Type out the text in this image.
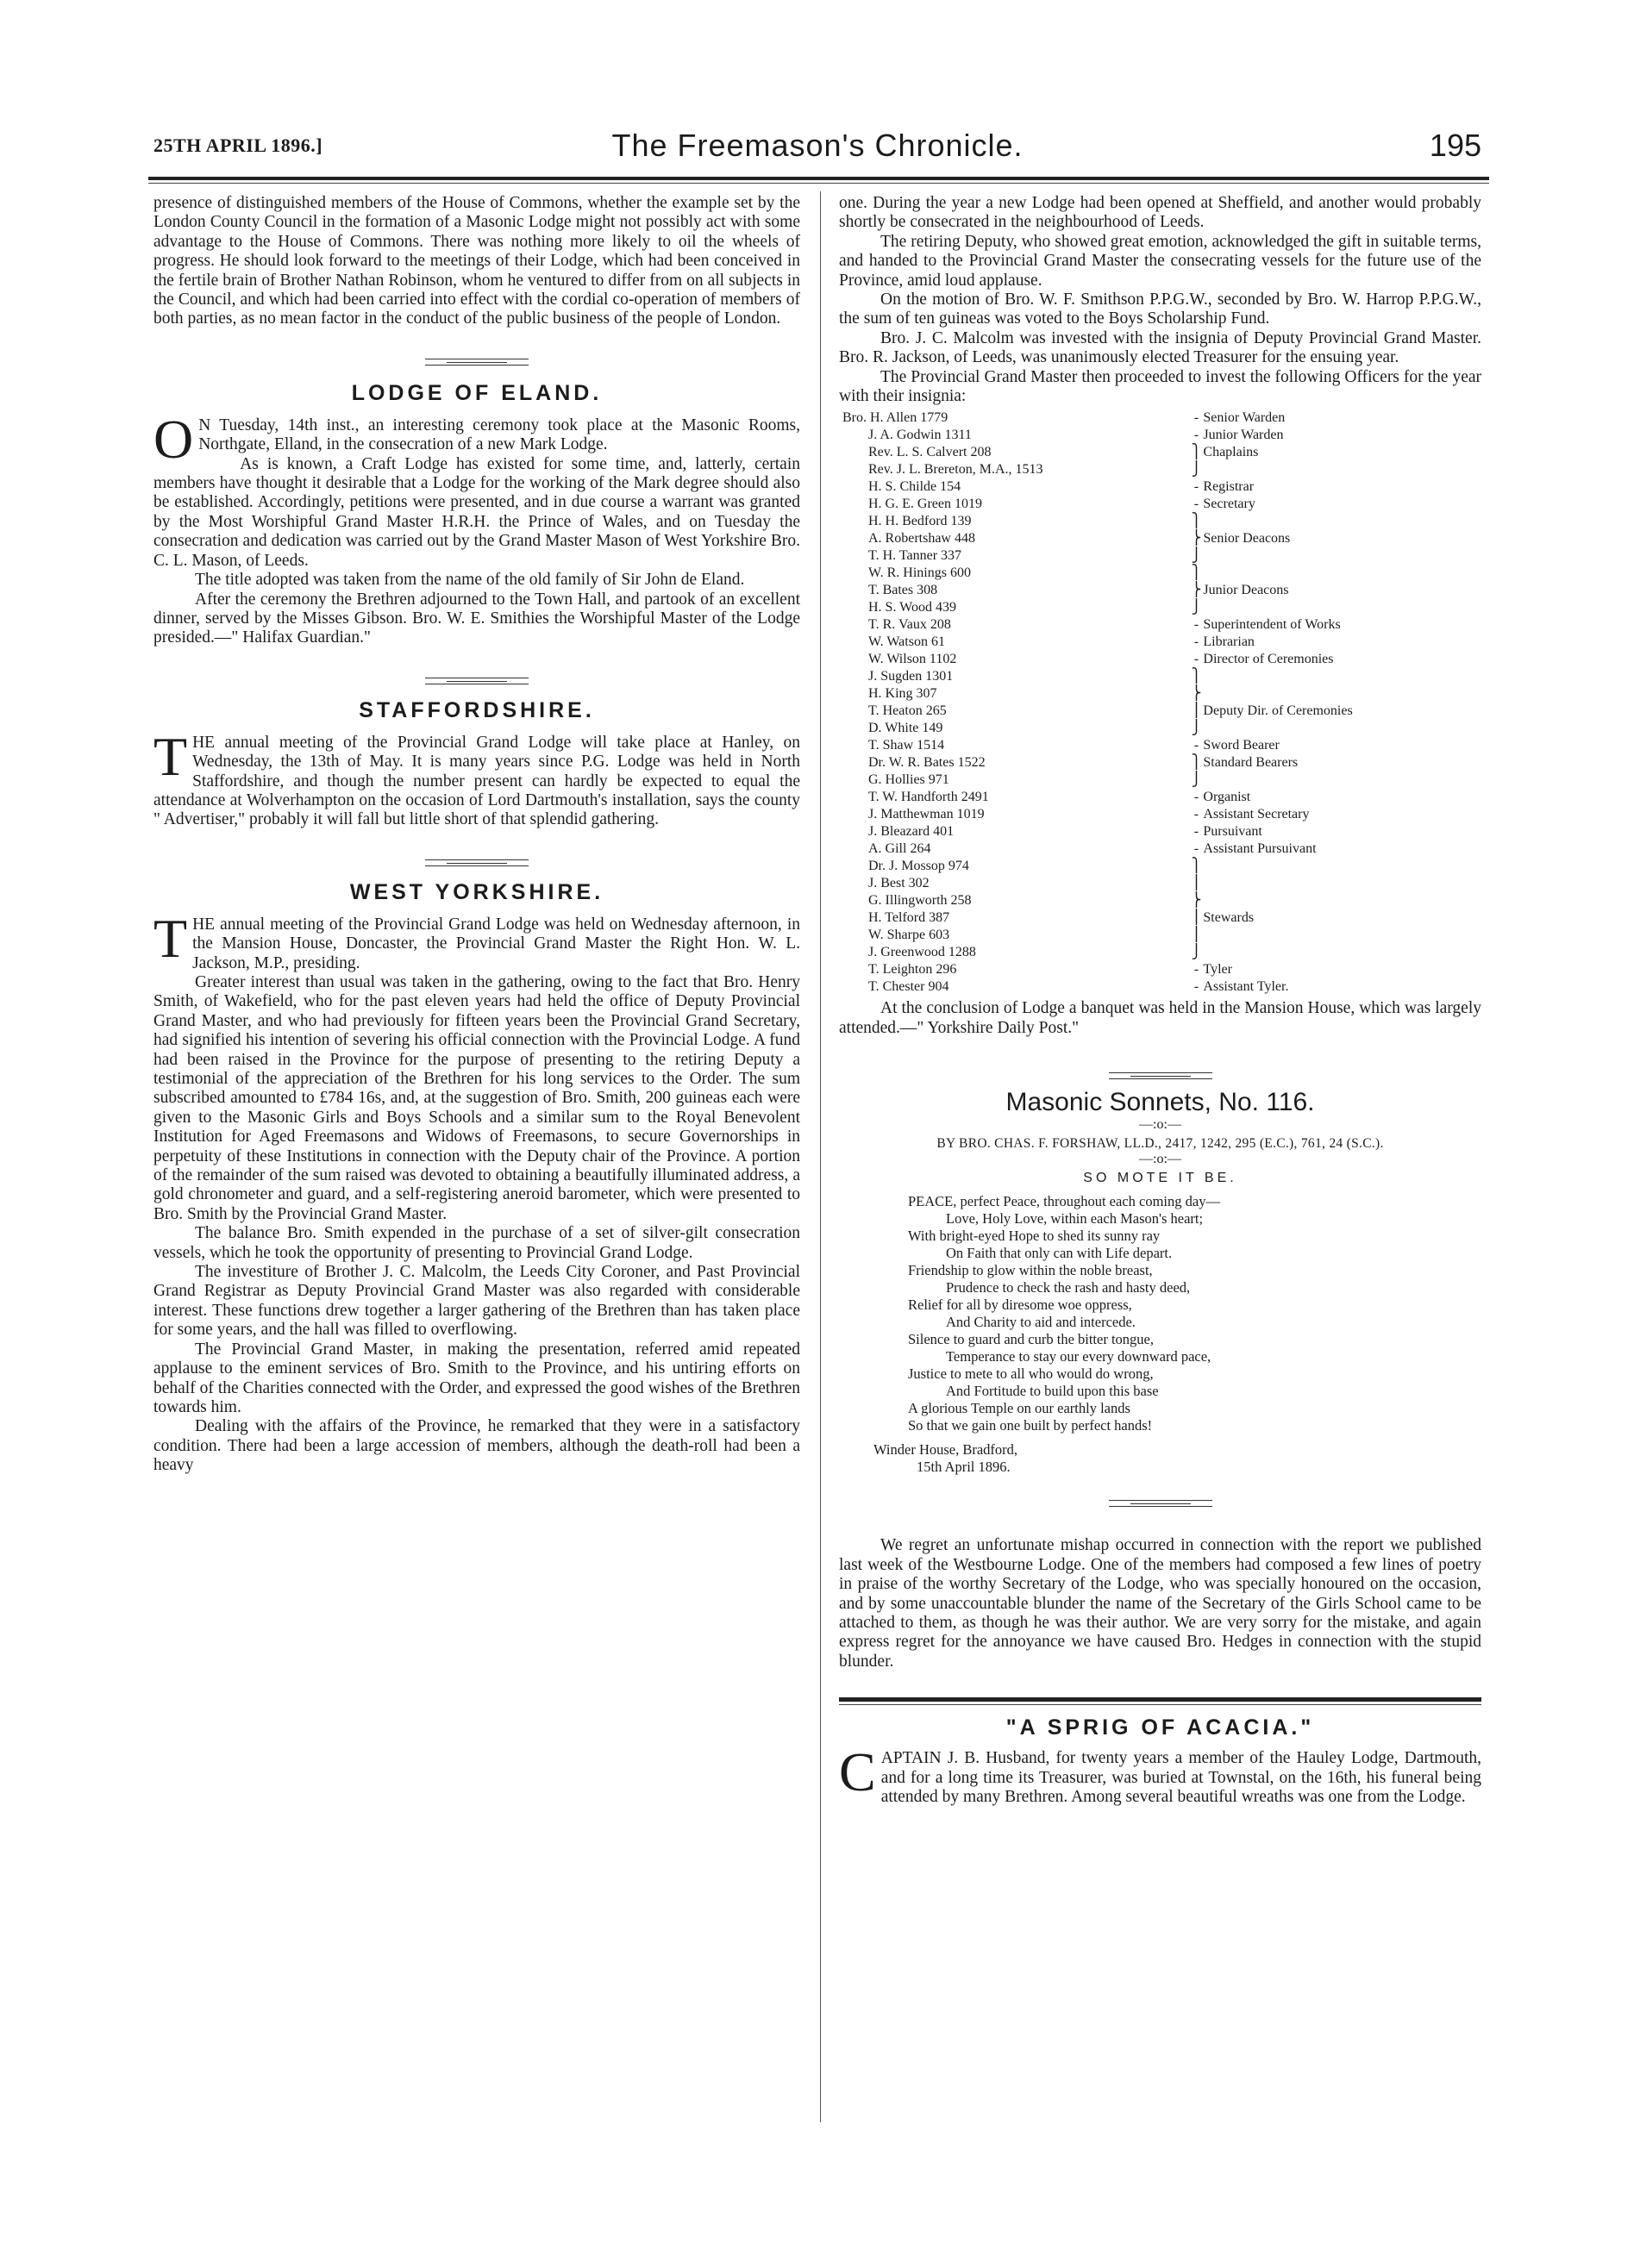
25TH APRIL 1896.]	The Freemason's Chronicle.	195

presence of distinguished members of the House of Commons, whether the example set by the London County Council in the formation of a Masonic Lodge might not possibly act with some advantage to the House of Commons. There was nothing more likely to oil the wheels of progress. He should look forward to the meetings of their Lodge, which had been conceived in the fertile brain of Brother Nathan Robinson, whom he ventured to differ from on all subjects in the Council, and which had been carried into effect with the cordial co-operation of members of both parties, as no mean factor in the conduct of the public business of the people of London.

LODGE OF ELAND.

O N Tuesday, 14th inst., an interesting ceremony took place at the Masonic Rooms, Northgate, Elland, in the consecration of a new Mark Lodge.

As is known, a Craft Lodge has existed for some time, and, latterly, certain members have thought it desirable that a Lodge for the working of the Mark degree should also be established. Accordingly, petitions were presented, and in due course a warrant was granted by the Most Worshipful Grand Master H.R.H. the Prince of Wales, and on Tuesday the consecration and dedication was carried out by the Grand Master Mason of West Yorkshire Bro. C. L. Mason, of Leeds.

The title adopted was taken from the name of the old family of Sir John de Eland.

After the ceremony the Brethren adjourned to the Town Hall, and partook of an excellent dinner, served by the Misses Gibson. Bro. W. E. Smithies the Worshipful Master of the Lodge presided.—" Halifax Guardian."

STAFFORDSHIRE.

THE annual meeting of the Provincial Grand Lodge will take place at Hanley, on Wednesday, the 13th of May. It is many years since P.G. Lodge was held in North Staffordshire, and though the number present can hardly be expected to equal the attendance at Wolverhampton on the occasion of Lord Dartmouth's installation, says the county " Advertiser," probably it will fall but little short of that splendid gathering.

WEST YORKSHIRE.

THE annual meeting of the Provincial Grand Lodge was held on Wednesday afternoon, in the Mansion House, Doncaster, the Provincial Grand Master the Right Hon. W. L. Jackson, M.P., presiding.

Greater interest than usual was taken in the gathering, owing to the fact that Bro. Henry Smith, of Wakefield, who for the past eleven years had held the office of Deputy Provincial Grand Master, and who had previously for fifteen years been the Provincial Grand Secretary, had signified his intention of severing his official connection with the Provincial Lodge. A fund had been raised in the Province for the purpose of presenting to the retiring Deputy a testimonial of the appreciation of the Brethren for his long services to the Order. The sum subscribed amounted to £784 16s, and, at the suggestion of Bro. Smith, 200 guineas each were given to the Masonic Girls and Boys Schools and a similar sum to the Royal Benevolent Institution for Aged Freemasons and Widows of Freemasons, to secure Governorships in perpetuity of these Institutions in connection with the Deputy chair of the Province. A portion of the remainder of the sum raised was devoted to obtaining a beautifully illuminated address, a gold chronometer and guard, and a self-registering aneroid barometer, which were presented to Bro. Smith by the Provincial Grand Master.

The balance Bro. Smith expended in the purchase of a set of silver-gilt consecration vessels, which he took the opportunity of presenting to Provincial Grand Lodge.

The investiture of Brother J. C. Malcolm, the Leeds City Coroner, and Past Provincial Grand Registrar as Deputy Provincial Grand Master was also regarded with considerable interest. These functions drew together a larger gathering of the Brethren than has taken place for some years, and the hall was filled to overflowing.

The Provincial Grand Master, in making the presentation, referred amid repeated applause to the eminent services of Bro. Smith to the Province, and his untiring efforts on behalf of the Charities connected with the Order, and expressed the good wishes of the Brethren towards him.

Dealing with the affairs of the Province, he remarked that they were in a satisfactory condition. There had been a large accession of members, although the death-roll had been a heavy

one. During the year a new Lodge had been opened at Sheffield, and another would probably shortly be consecrated in the neighbourhood of Leeds.

The retiring Deputy, who showed great emotion, acknowledged the gift in suitable terms, and handed to the Provincial Grand Master the consecrating vessels for the future use of the Province, amid loud applause.

On the motion of Bro. W. F. Smithson P.P.G.W., seconded by Bro. W. Harrop P.P.G.W., the sum of ten guineas was voted to the Boys Scholarship Fund.

Bro. J. C. Malcolm was invested with the insignia of Deputy Provincial Grand Master. Bro. R. Jackson, of Leeds, was unanimously elected Treasurer for the ensuing year.

The Provincial Grand Master then proceeded to invest the following Officers for the year with their insignia:

Bro. H. Allen 1779	-	Senior Warden
J. A. Godwin 1311	-	Junior Warden
Rev. L. S. Calvert 208	⎫	Chaplains
Rev. J. L. Brereton, M.A., 1513	⎭	
H. S. Childe 154	-	Registrar
H. G. E. Green 1019	-	Secretary
H. H. Bedford 139	⎫	
A. Robertshaw 448	⎬	Senior Deacons
T. H. Tanner 337	⎭	
W. R. Hinings 600	⎫	
T. Bates 308	⎬	Junior Deacons
H. S. Wood 439	⎭	
T. R. Vaux 208	-	Superintendent of Works
W. Watson 61	-	Librarian
W. Wilson 1102	-	Director of Ceremonies
J. Sugden 1301	⎫	
H. King 307	⎬	
T. Heaton 265	⎪	Deputy Dir. of Ceremonies
D. White 149	⎭	
T. Shaw 1514	-	Sword Bearer
Dr. W. R. Bates 1522	⎫	Standard Bearers
G. Hollies 971	⎭	
T. W. Handforth 2491	-	Organist
J. Matthewman 1019	-	Assistant Secretary
J. Bleazard 401	-	Pursuivant
A. Gill 264	-	Assistant Pursuivant
Dr. J. Mossop 974	⎫	
J. Best 302	⎪	
G. Illingworth 258	⎬	
H. Telford 387	⎪	Stewards
W. Sharpe 603	⎪	
J. Greenwood 1288	⎭	
T. Leighton 296	-	Tyler
T. Chester 904	-	Assistant Tyler.

At the conclusion of Lodge a banquet was held in the Mansion House, which was largely attended.—" Yorkshire Daily Post."

Masonic Sonnets, No. 116.
—:o:—
BY BRO. CHAS. F. FORSHAW, LL.D., 2417, 1242, 295 (E.C.), 761, 24 (S.C.).
—:o:—
SO MOTE IT BE.
PEACE, perfect Peace, throughout each coming day—
Love, Holy Love, within each Mason's heart;
With bright-eyed Hope to shed its sunny ray
On Faith that only can with Life depart.
Friendship to glow within the noble breast,
Prudence to check the rash and hasty deed,
Relief for all by diresome woe oppress,
And Charity to aid and intercede.
Silence to guard and curb the bitter tongue,
Temperance to stay our every downward pace,
Justice to mete to all who would do wrong,
And Fortitude to build upon this base
A glorious Temple on our earthly lands
So that we gain one built by perfect hands!
Winder House, Bradford,
15th April 1896.

We regret an unfortunate mishap occurred in connection with the report we published last week of the Westbourne Lodge. One of the members had composed a few lines of poetry in praise of the worthy Secretary of the Lodge, who was specially honoured on the occasion, and by some unaccountable blunder the name of the Secretary of the Girls School came to be attached to them, as though he was their author. We are very sorry for the mistake, and again express regret for the annoyance we have caused Bro. Hedges in connection with the stupid blunder.

"A SPRIG OF ACACIA."

CAPTAIN J. B. Husband, for twenty years a member of the Hauley Lodge, Dartmouth, and for a long time its Treasurer, was buried at Townstal, on the 16th, his funeral being attended by many Brethren. Among several beautiful wreaths was one from the Lodge.
